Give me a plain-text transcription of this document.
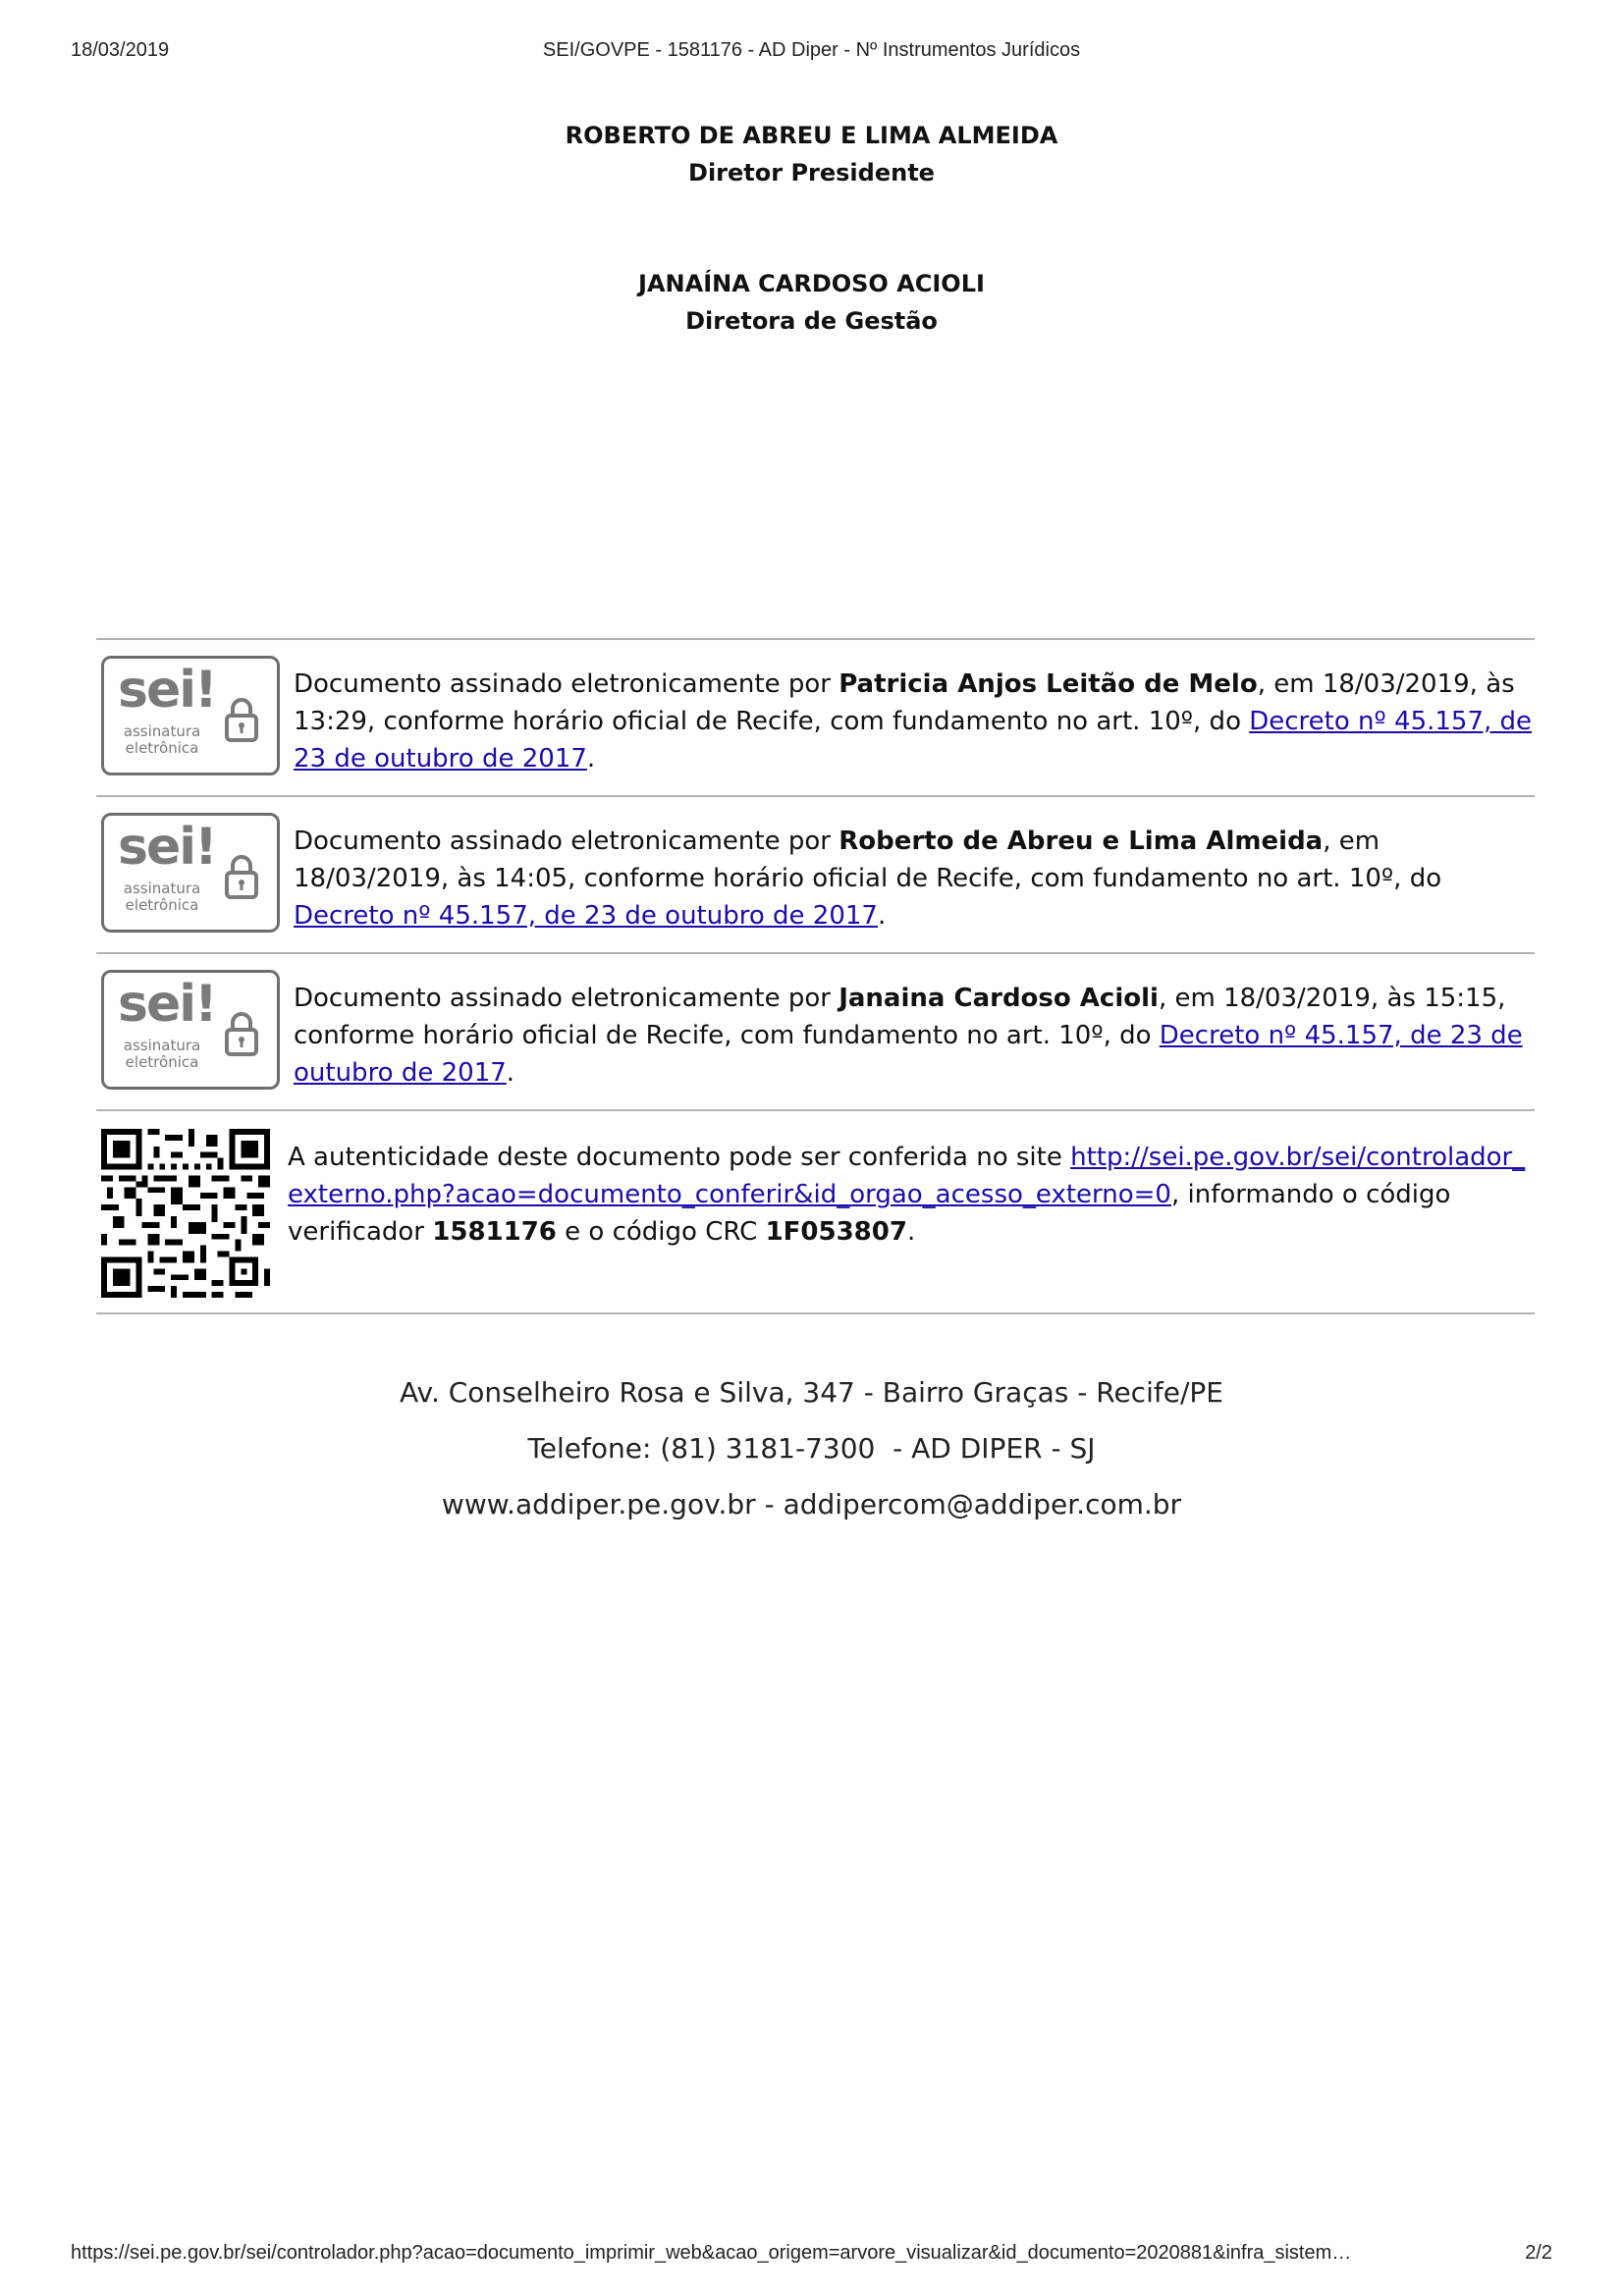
18/03/2019	SEI/GOVPE - 1581176 - AD Diper - Nº Instrumentos Jurídicos
ROBERTO DE ABREU E LIMA ALMEIDA
Diretor Presidente
JANAÍNA CARDOSO ACIOLI
Diretora de Gestão
sei!
assinatura
eletrônica
Documento assinado eletronicamente por Patricia Anjos Leitão de Melo, em 18/03/2019, às 13:29, conforme horário oficial de Recife, com fundamento no art. 10º, do Decreto nº 45.157, de 23 de outubro de 2017.
sei!
assinatura
eletrônica
Documento assinado eletronicamente por Roberto de Abreu e Lima Almeida, em 18/03/2019, às 14:05, conforme horário oficial de Recife, com fundamento no art. 10º, do Decreto nº 45.157, de 23 de outubro de 2017.
sei!
assinatura
eletrônica
Documento assinado eletronicamente por Janaina Cardoso Acioli, em 18/03/2019, às 15:15, conforme horário oficial de Recife, com fundamento no art. 10º, do Decreto nº 45.157, de 23 de outubro de 2017.
A autenticidade deste documento pode ser conferida no site http://sei.pe.gov.br/sei/controlador_externo.php?acao=documento_conferir&id_orgao_acesso_externo=0, informando o código verificador 1581176 e o código CRC 1F053807.
Av. Conselheiro Rosa e Silva, 347 - Bairro Graças - Recife/PE
Telefone: (81) 3181-7300  - AD DIPER - SJ
www.addiper.pe.gov.br - addipercom@addiper.com.br
https://sei.pe.gov.br/sei/controlador.php?acao=documento_imprimir_web&acao_origem=arvore_visualizar&id_documento=2020881&infra_sistem…	2/2
